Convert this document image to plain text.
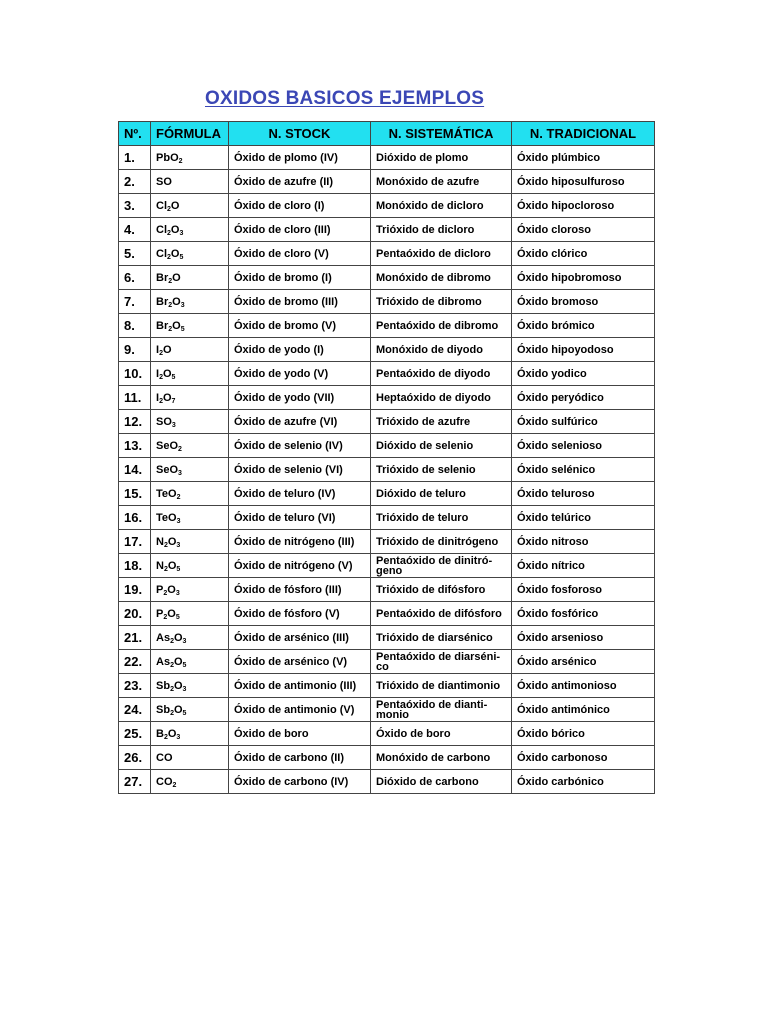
OXIDOS BASICOS EJEMPLOS
Nº.	FÓRMULA	N. STOCK	N. SISTEMÁTICA	N. TRADICIONAL
1.	PbO$_2$	Óxido de plomo (IV)	Dióxido de plomo	Óxido plúmbico
2.	SO	Óxido de azufre (II)	Monóxido de azufre	Óxido hiposulfuroso
3.	$Cl_2O$	Óxido de cloro (I)	Monóxido de dicloro	Óxido hipocloroso
4.	$Cl_2O_3$	Óxido de cloro (III)	Trióxido de dicloro	Óxido cloroso
5.	$Cl_2O_5$	Óxido de cloro (V)	Pentaóxido de dicloro	Óxido clórico
6.	$Br_2O$	Óxido de bromo (I)	Monóxido de dibromo	Óxido hipobromoso
7.	$Br_2O_3$	Óxido de bromo (III)	Trióxido de dibromo	Óxido bromoso
8.	$Br_2O_5$	Óxido de bromo (V)	Pentaóxido de dibromo	Óxido brómico
9.	$I_2O$	Óxido de yodo (I)	Monóxido de diyodo	Óxido hipoyodoso
10.	$I_2O_5$	Óxido de yodo (V)	Pentaóxido de diyodo	Óxido yodico
11.	$I_2O_7$	Óxido de yodo (VII)	Heptaóxido de diyodo	Óxido peryódico
12.	$SO_3$	Óxido de azufre (VI)	Trióxido de azufre	Óxido sulfúrico
13.	SeO$_2$	Óxido de selenio (IV)	Dióxido de selenio	Óxido selenioso
14.	SeO$_3$	Óxido de selenio (VI)	Trióxido de selenio	Óxido selénico
15.	TeO$_2$	Óxido de teluro (IV)	Dióxido de teluro	Óxido teluroso
16.	TeO$_3$	Óxido de teluro (VI)	Trióxido de teluro	Óxido telúrico
17.	$N_2O_3$	Óxido de nitrógeno (III)	Trióxido de dinitrógeno	Óxido nitroso
18.	$N_2O_5$	Óxido de nitrógeno (V)	Pentaóxido de dinitró-geno	Óxido nítrico
19.	$P_2O_3$	Óxido de fósforo (III)	Trióxido de difósforo	Óxido fosforoso
20.	$P_2O_5$	Óxido de fósforo (V)	Pentaóxido de difósforo	Óxido fosfórico
21.	$As_2O_3$	Óxido de arsénico (III)	Trióxido de diarsénico	Óxido arsenioso
22.	$As_2O_5$	Óxido de arsénico (V)	Pentaóxido de diarséni-co	Óxido arsénico
23.	$Sb_2O_3$	Óxido de antimonio (III)	Trióxido de diantimonio	Óxido antimonioso
24.	$Sb_2O_5$	Óxido de antimonio (V)	Pentaóxido de dianti-monio	Óxido antimónico
25.	$B_2O_3$	Óxido de boro	Óxido de boro	Óxido bórico
26.	CO	Óxido de carbono (II)	Monóxido de carbono	Óxido carbonoso
27.	$CO_2$	Óxido de carbono (IV)	Dióxido de carbono	Óxido carbónico
